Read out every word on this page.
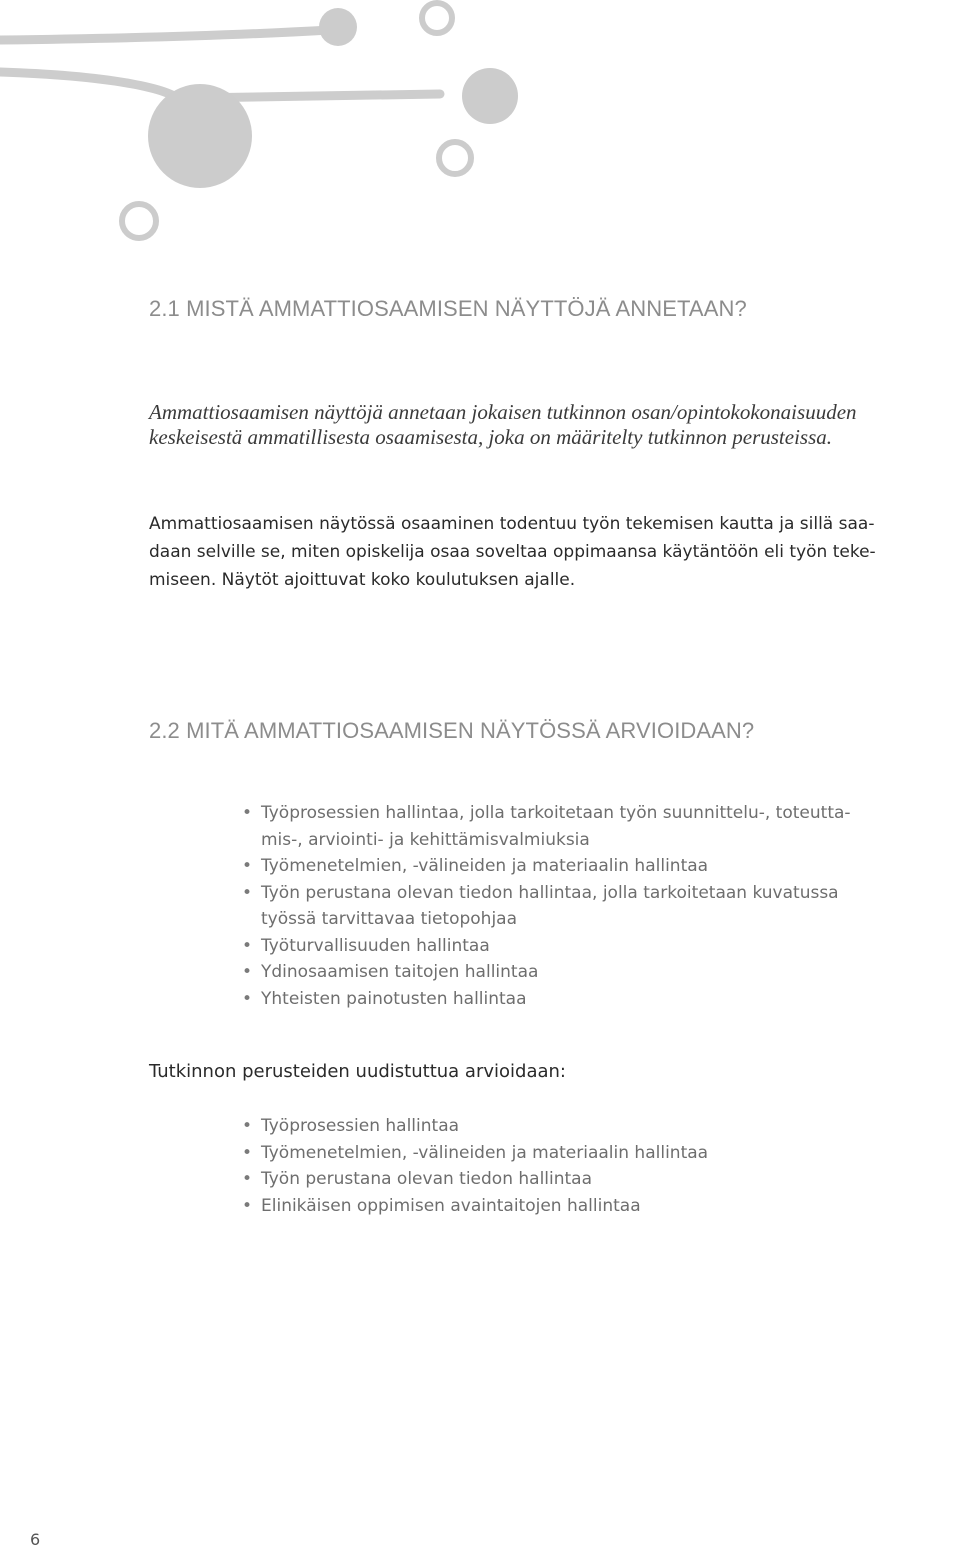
2.1 MISTÄ AMMATTIOSAAMISEN NÄYTTÖJÄ ANNETAAN?

Ammattiosaamisen näyttöjä annetaan jokaisen tutkinnon osan/opintokokonaisuuden
keskeisestä ammatillisesta osaamisesta, joka on määritelty tutkinnon perusteissa.

Ammattiosaamisen näytössä osaaminen todentuu työn tekemisen kautta ja sillä saa-
daan selville se, miten opiskelija osaa soveltaa oppimaansa käytäntöön eli työn teke-
miseen. Näytöt ajoittuvat koko koulutuksen ajalle.

2.2 MITÄ AMMATTIOSAAMISEN NÄYTÖSSÄ ARVIOIDAAN?
• Työprosessien hallintaa, jolla tarkoitetaan työn suunnittelu-, toteutta-
mis-, arviointi- ja kehittämisvalmiuksia
• Työmenetelmien, -välineiden ja materiaalin hallintaa
• Työn perustana olevan tiedon hallintaa, jolla tarkoitetaan kuvatussa
työssä tarvittavaa tietopohjaa
• Työturvallisuuden hallintaa
• Ydinosaamisen taitojen hallintaa
• Yhteisten painotusten hallintaa

Tutkinnon perusteiden uudistuttua arvioidaan:

• Työprosessien hallintaa
• Työmenetelmien, -välineiden ja materiaalin hallintaa
• Työn perustana olevan tiedon hallintaa
• Elinikäisen oppimisen avaintaitojen hallintaa
6
